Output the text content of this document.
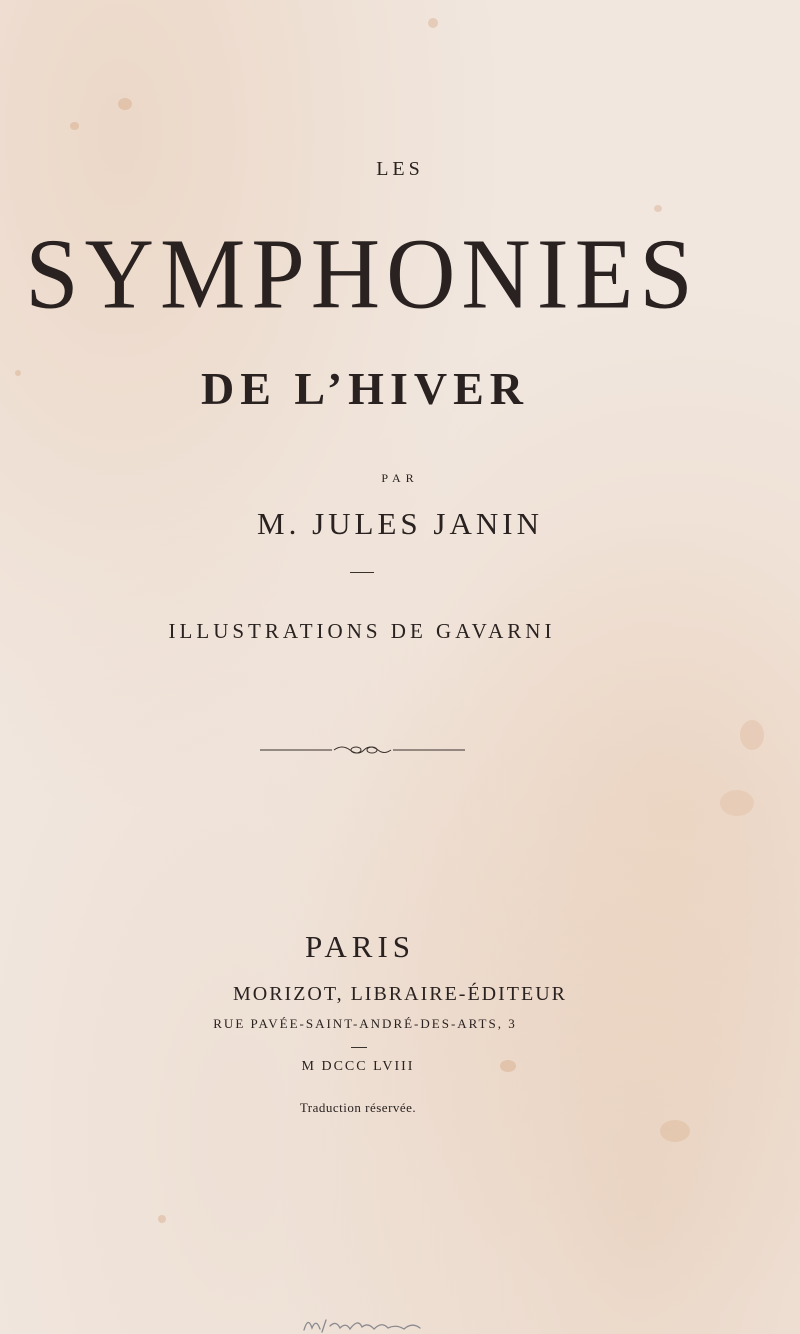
LES
SYMPHONIES
DE L’HIVER
PAR
M. JULES JANIN
ILLUSTRATIONS DE GAVARNI
PARIS
MORIZOT, LIBRAIRE-ÉDITEUR
RUE PAVÉE-SAINT-ANDRÉ-DES-ARTS, 3
M DCCC LVIII
Traduction réservée.
